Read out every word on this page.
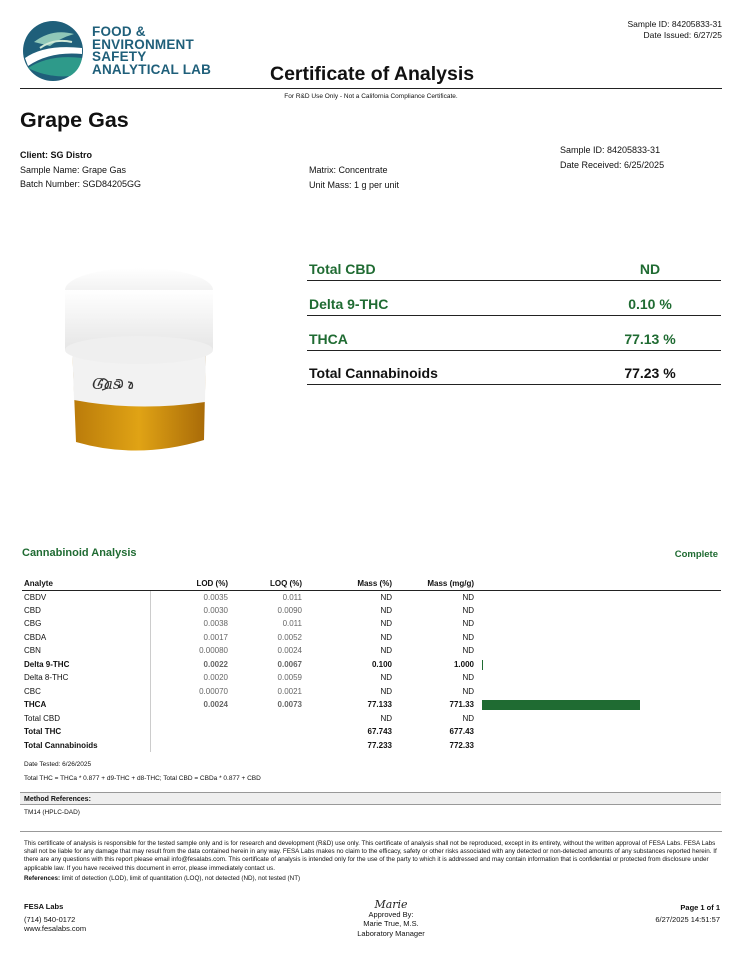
FOOD &
ENVIRONMENT
SAFETY
ANALYTICAL LAB
Sample ID: 84205833-31
Date Issued: 6/27/25
Certificate of Analysis
For R&D Use Only - Not a California Compliance Certificate.
Grape Gas
Client: SG Distro
Sample Name: Grape Gas
Batch Number: SGD84205GG
Matrix: Concentrate
Unit Mass: 1 g per unit
Sample ID: 84205833-31
Date Received: 6/25/2025
Gas
Total CBD	ND
Delta 9-THC	0.10 %
THCA	77.13 %
Total Cannabinoids	77.23 %
Cannabinoid Analysis	Complete
Analyte	LOD (%)	LOQ (%)	Mass (%)	Mass (mg/g)	
CBDV	0.0035	0.011	ND	ND	
CBD	0.0030	0.0090	ND	ND	
CBG	0.0038	0.011	ND	ND	
CBDA	0.0017	0.0052	ND	ND	
CBN	0.00080	0.0024	ND	ND	
Delta 9-THC	0.0022	0.0067	0.100	1.000	

Delta 8-THC	0.0020	0.0059	ND	ND	
CBC	0.00070	0.0021	ND	ND	
THCA	0.0024	0.0073	77.133	771.33	

Total CBD			ND	ND	
Total THC			67.743	677.43	
Total Cannabinoids			77.233	772.33	
Date Tested: 6/26/2025
Total THC = THCa * 0.877 + d9-THC + d8-THC; Total CBD = CBDa * 0.877 + CBD
Method References:
TM14 (HPLC-DAD)
This certificate of analysis is responsible for the tested sample only and is for research and development (R&D) use only. This certificate of analysis shall not be reproduced, except in its entirety, without the written approval of FESA Labs. FESA Labs shall not be liable for any damage that may result from the data contained herein in any way. FESA Labs makes no claim to the efficacy, safety or other risks associated with any detected or non-detected amounts of any substances reported herein. If there are any questions with this report please email info@fesalabs.com. This certificate of analysis is intended only for the use of the party to which it is addressed and may contain information that is confidential or protected from disclosure under applicable law. If you have received this document in error, please immediately contact us.
References: limit of detection (LOD), limit of quantitation (LOQ), not detected (ND), not tested (NT)
FESA Labs
(714) 540-0172
www.fesalabs.com
Marie
Approved By:
Marie True, M.S.
Laboratory Manager
Page 1 of 1
6/27/2025 14:51:57
